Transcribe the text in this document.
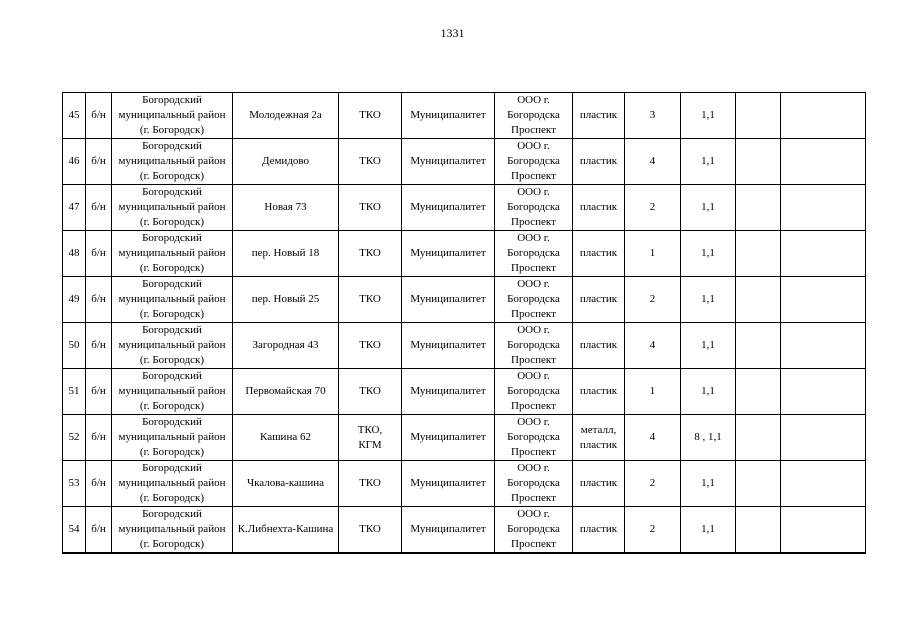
1331
45	б/н	Богородский
муниципальный район
(г. Богородск)	Молодежная 2а	ТКО	Муниципалитет	ООО г.
Богородска
Проспект	пластик	3	1,1		
46	б/н	Богородский
муниципальный район
(г. Богородск)	Демидово	ТКО	Муниципалитет	ООО г.
Богородска
Проспект	пластик	4	1,1		
47	б/н	Богородский
муниципальный район
(г. Богородск)	Новая 73	ТКО	Муниципалитет	ООО г.
Богородска
Проспект	пластик	2	1,1		
48	б/н	Богородский
муниципальный район
(г. Богородск)	пер. Новый 18	ТКО	Муниципалитет	ООО г.
Богородска
Проспект	пластик	1	1,1		
49	б/н	Богородский
муниципальный район
(г. Богородск)	пер. Новый 25	ТКО	Муниципалитет	ООО г.
Богородска
Проспект	пластик	2	1,1		
50	б/н	Богородский
муниципальный район
(г. Богородск)	Загородная 43	ТКО	Муниципалитет	ООО г.
Богородска
Проспект	пластик	4	1,1		
51	б/н	Богородский
муниципальный район
(г. Богородск)	Первомайская 70	ТКО	Муниципалитет	ООО г.
Богородска
Проспект	пластик	1	1,1		
52	б/н	Богородский
муниципальный район
(г. Богородск)	Кашина 62	ТКО,
КГМ	Муниципалитет	ООО г.
Богородска
Проспект	металл,
пластик	4	8 , 1,1		
53	б/н	Богородский
муниципальный район
(г. Богородск)	Чкалова-кашина	ТКО	Муниципалитет	ООО г.
Богородска
Проспект	пластик	2	1,1		
54	б/н	Богородский
муниципальный район
(г. Богородск)	К.Либнехта-Кашина	ТКО	Муниципалитет	ООО г.
Богородска
Проспект	пластик	2	1,1		
